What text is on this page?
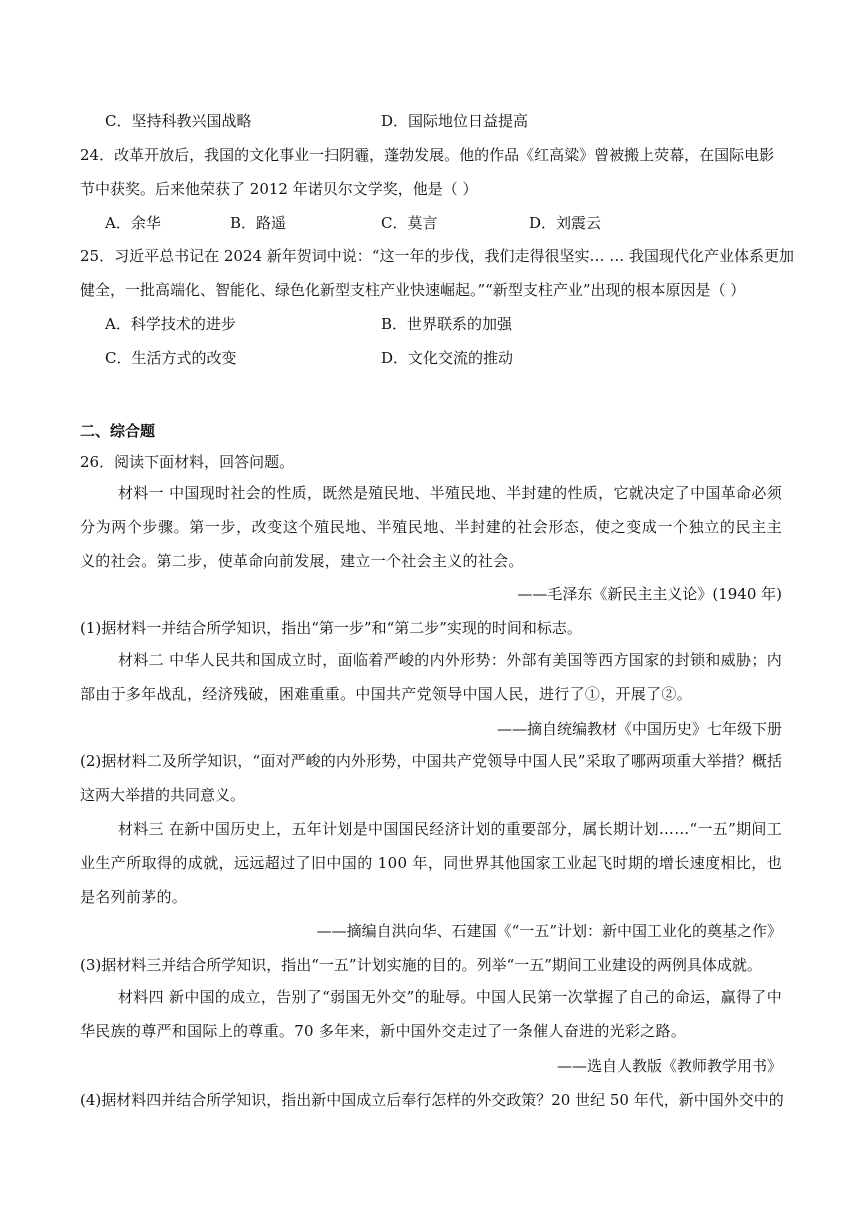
C．坚持科教兴国战略	D．国际地位日益提高
24．改革开放后，我国的文化事业一扫阴霾，蓬勃发展。他的作品《红高粱》曾被搬上荧幕，在国际电影
节中获奖。后来他荣获了 2012 年诺贝尔文学奖，他是（ ）
A．余华	B．路遥	C．莫言	D．刘震云
25．习近平总书记在 2024 新年贺词中说：“这一年的步伐，我们走得很坚实… … 我国现代化产业体系更加
健全，一批高端化、智能化、绿色化新型支柱产业快速崛起。”“新型支柱产业”出现的根本原因是（ ）
A．科学技术的进步	B．世界联系的加强
C．生活方式的改变	D．文化交流的推动
二、综合题
26．阅读下面材料，回答问题。
材料一 中国现时社会的性质，既然是殖民地、半殖民地、半封建的性质，它就决定了中国革命必须分为两个步骤。第一步，改变这个殖民地、半殖民地、半封建的社会形态，使之变成一个独立的民主主义的社会。第二步，使革命向前发展，建立一个社会主义的社会。
——毛泽东《新民主主义论》(1940 年)
(1)据材料一并结合所学知识，指出“第一步”和“第二步”实现的时间和标志。
材料二 中华人民共和国成立时，面临着严峻的内外形势：外部有美国等西方国家的封锁和威胁；内部由于多年战乱，经济残破，困难重重。中国共产党领导中国人民，进行了①，开展了②。
——摘自统编教材《中国历史》七年级下册
(2)据材料二及所学知识，“面对严峻的内外形势，中国共产党领导中国人民”采取了哪两项重大举措？概括这两大举措的共同意义。
材料三 在新中国历史上，五年计划是中国国民经济计划的重要部分，属长期计划……“一五”期间工业生产所取得的成就，远远超过了旧中国的 100 年，同世界其他国家工业起飞时期的增长速度相比，也是名列前茅的。
——摘编自洪向华、石建国《“一五”计划：新中国工业化的奠基之作》
(3)据材料三并结合所学知识，指出“一五”计划实施的目的。列举“一五”期间工业建设的两例具体成就。
材料四 新中国的成立，告别了“弱国无外交”的耻辱。中国人民第一次掌握了自己的命运，赢得了中华民族的尊严和国际上的尊重。70 多年来，新中国外交走过了一条催人奋进的光彩之路。
——选自人教版《教师教学用书》
(4)据材料四并结合所学知识，指出新中国成立后奉行怎样的外交政策？20 世纪 50 年代，新中国外交中的
